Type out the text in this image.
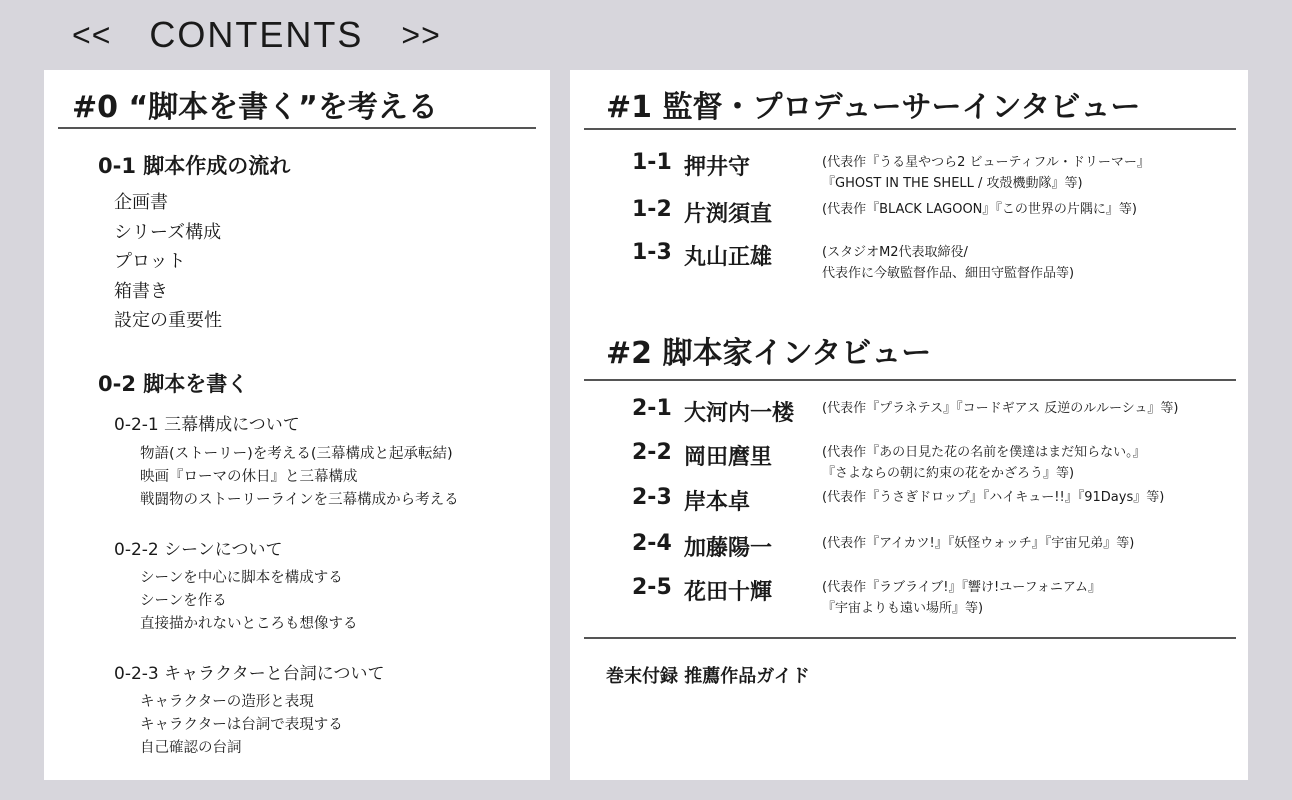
<< CONTENTS >>
#0 “脚本を書く”を考える
0-1 脚本作成の流れ
企画書
シリーズ構成
プロット
箱書き
設定の重要性
0-2 脚本を書く
0-2-1 三幕構成について
物語(ストーリー)を考える(三幕構成と起承転結)
映画『ローマの休日』と三幕構成
戦闘物のストーリーラインを三幕構成から考える
0-2-2 シーンについて
シーンを中心に脚本を構成する
シーンを作る
直接描かれないところも想像する
0-2-3 キャラクターと台詞について
キャラクターの造形と表現
キャラクターは台詞で表現する
自己確認の台詞
#1 監督・プロデューサーインタビュー
1-1 押井守	(代表作『うる星やつら2 ビューティフル・ドリーマー』
『GHOST IN THE SHELL / 攻殻機動隊』等)
1-2 片渕須直	(代表作『BLACK LAGOON』『この世界の片隅に』等)
1-3 丸山正雄	(スタジオM2代表取締役/
代表作に今敏監督作品、細田守監督作品等)
#2 脚本家インタビュー
2-1 大河内一楼	(代表作『プラネテス』『コードギアス 反逆のルルーシュ』等)
2-2 岡田麿里	(代表作『あの日見た花の名前を僕達はまだ知らない。』
『さよならの朝に約束の花をかざろう』等)
2-3 岸本卓	(代表作『うさぎドロップ』『ハイキュー!!』『91Days』等)
2-4 加藤陽一	(代表作『アイカツ!』『妖怪ウォッチ』『宇宙兄弟』等)
2-5 花田十輝	(代表作『ラブライブ!』『響け!ユーフォニアム』
『宇宙よりも遠い場所』等)
巻末付録 推薦作品ガイド
